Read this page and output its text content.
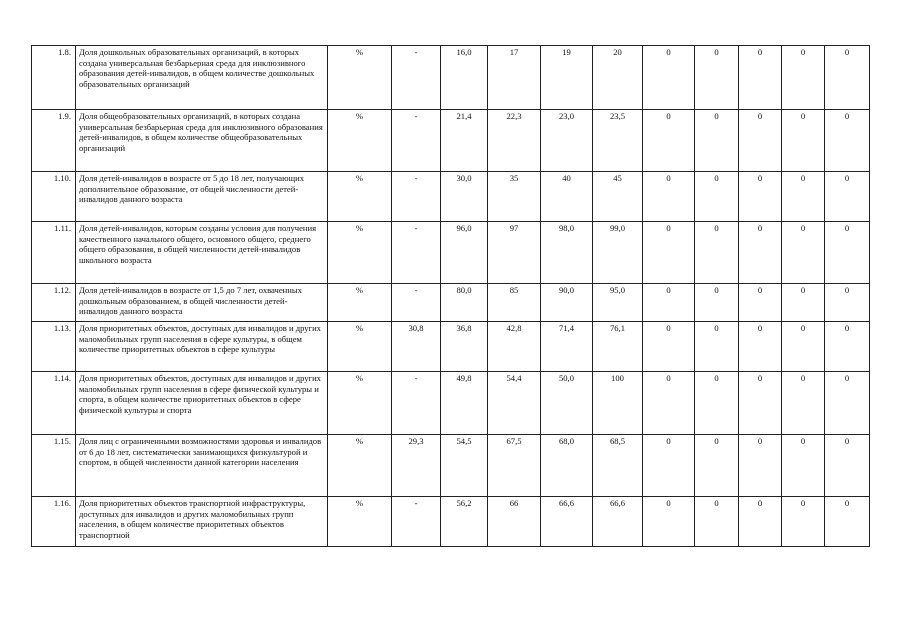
1.8.	Доля дошкольных образовательных организаций, в которых создана универсальная безбарьерная среда для инклюзивного образования детей-инвалидов, в общем количестве дошкольных образовательных организаций	%	-	16,0	17	19	20	0	0	0	0	0
1.9.	Доля общеобразовательных организаций, в которых создана универсальная безбарьерная среда для инклюзивного образования детей-инвалидов, в общем количестве общеобразовательных организаций	%	-	21,4	22,3	23,0	23,5	0	0	0	0	0
1.10.	Доля детей-инвалидов в возрасте от 5 до 18 лет, получающих дополнительное образование, от общей численности детей-инвалидов данного возраста	%	-	30,0	35	40	45	0	0	0	0	0
1.11.	Доля детей-инвалидов, которым созданы условия для получения качественного начального общего, основного общего, среднего общего образования, в общей численности детей-инвалидов школьного возраста	%	-	96,0	97	98,0	99,0	0	0	0	0	0
1.12.	Доля детей-инвалидов в возрасте от 1,5 до 7 лет, охваченных дошкольным образованием, в общей численности детей-инвалидов данного возраста	%	-	80,0	85	90,0	95,0	0	0	0	0	0
1.13.	Доля приоритетных объектов, доступных для инвалидов и других маломобильных групп населения в сфере культуры, в общем количестве приоритетных объектов в сфере культуры	%	30,8	36,8	42,8	71,4	76,1	0	0	0	0	0
1.14.	Доля приоритетных объектов, доступных для инвалидов и других маломобильных групп населения в сфере физической культуры и спорта, в общем количестве приоритетных объектов в сфере физической культуры и спорта	%	-	49,8	54,4	50,0	100	0	0	0	0	0
1.15.	Доля лиц с ограниченными возможностями здоровья и инвалидов от 6 до 18 лет, систематически занимающихся физкультурой и спортом, в общей численности данной категории населения	%	29,3	54,5	67,5	68,0	68,5	0	0	0	0	0
1.16.	Доля приоритетных объектов транспортной инфраструктуры, доступных для инвалидов и других маломобильных групп населения, в общем количестве приоритетных объектов транспортной	%	-	56,2	66	66,6	66,6	0	0	0	0	0
